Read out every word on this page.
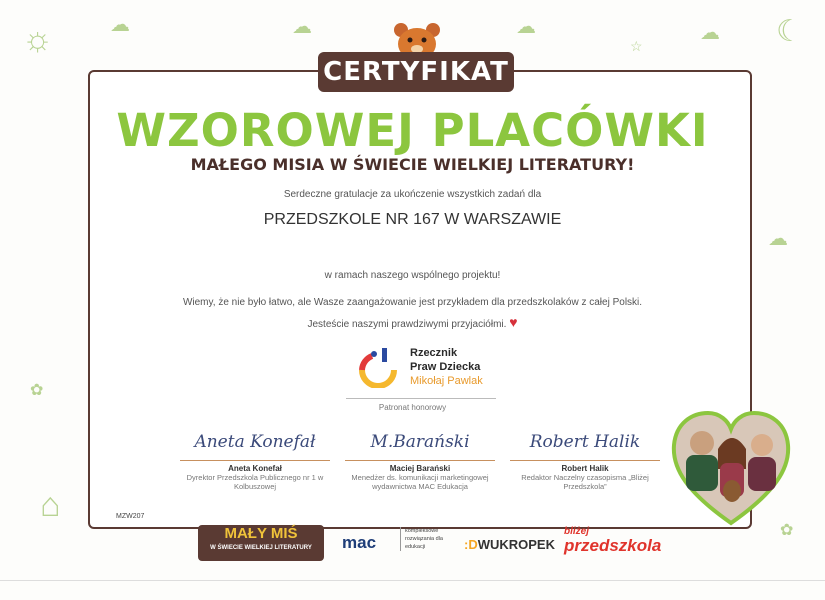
CERTYFIKAT
WZOROWEJ PLACÓWKI
MAŁEGO MISIA W ŚWIECIE WIELKIEJ LITERATURY!
Serdeczne gratulacje za ukończenie wszystkich zadań dla
PRZEDSZKOLE NR 167 W WARSZAWIE
w ramach naszego wspólnego projektu!
Wiemy, że nie było łatwo, ale Wasze zaangażowanie jest przykładem dla przedszkolaków z całej Polski.
Jesteście naszymi prawdziwymi przyjaciółmi. ♥
Rzecznik
Praw Dziecka
Mikołaj Pawlak
Patronat honorowy
Aneta Konefał
Aneta Konefał
Dyrektor Przedszkola Publicznego nr 1 w Kolbuszowej
M.Barański
Maciej Barański
Menedżer ds. komunikacji marketingowej wydawnictwa MAC Edukacja
Robert Halik
Robert Halik
Redaktor Naczelny czasopisma „Bliżej Przedszkola”
MZW207
MAŁY MIŚ
W ŚWIECIE WIELKIEJ LITERATURY	mac
kompleksowe rozwiązania dla edukacji	:DWUKROPEK
bliżej
przedszkola
☼	☾
☁	☁	☁	☁
☆
☁
✿
⌂
✿
